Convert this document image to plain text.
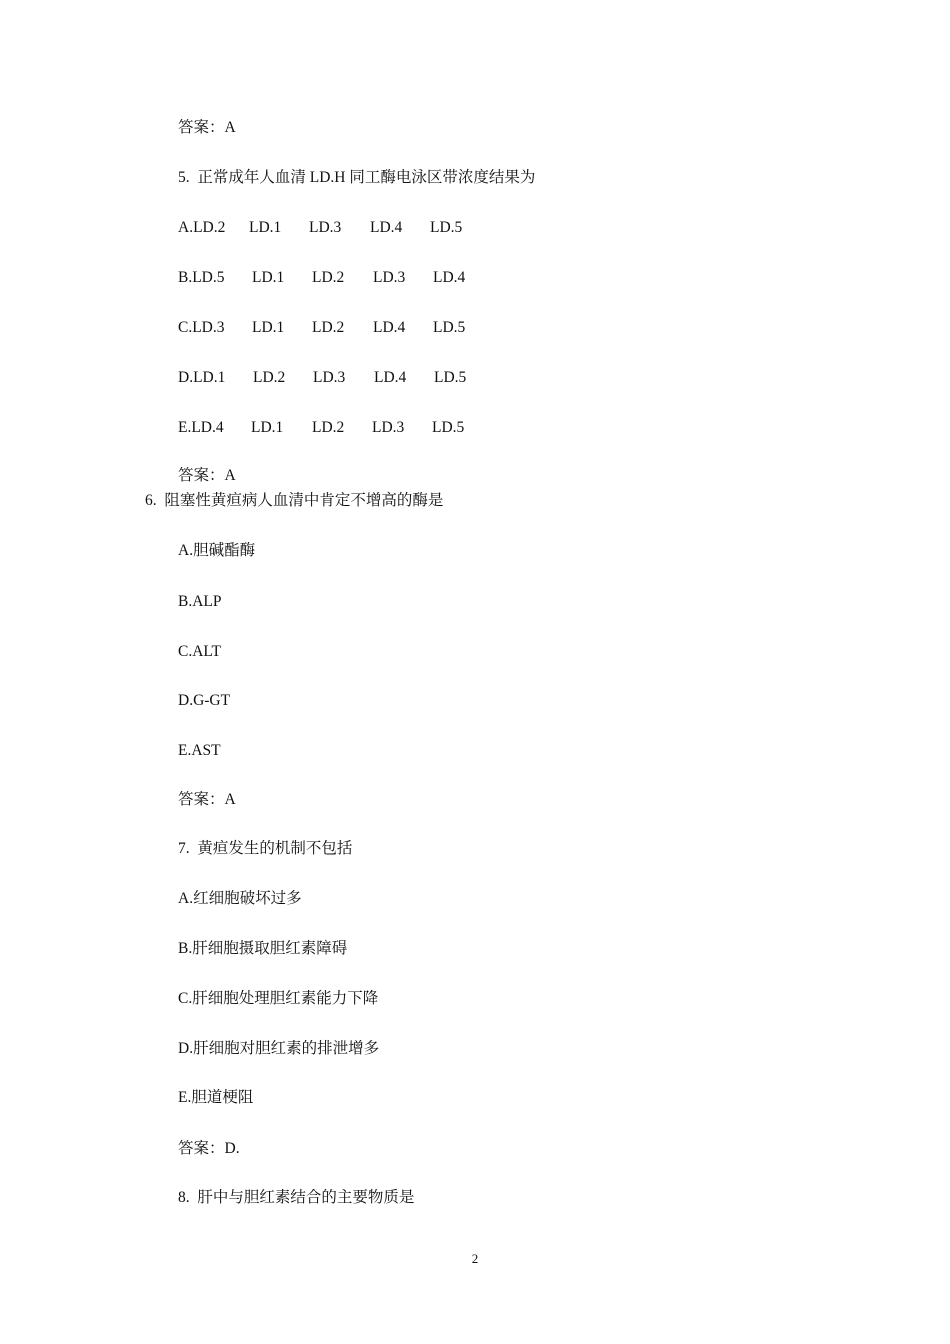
答案：A
5.  正常成年人血清 LD.H 同工酶电泳区带浓度结果为
A.LD.2 LD.1 LD.3 LD.4 LD.5
B.LD.5 LD.1 LD.2 LD.3 LD.4
C.LD.3 LD.1 LD.2 LD.4 LD.5
D.LD.1 LD.2 LD.3 LD.4 LD.5
E.LD.4 LD.1 LD.2 LD.3 LD.5
答案：A
6.  阻塞性黄疸病人血清中肯定不增高的酶是
A.胆碱酯酶
B.ALP
C.ALT
D.G-GT
E.AST
答案：A
7.  黄疸发生的机制不包括
A.红细胞破坏过多
B.肝细胞摄取胆红素障碍
C.肝细胞处理胆红素能力下降
D.肝细胞对胆红素的排泄增多
E.胆道梗阻
答案：D.
8.  肝中与胆红素结合的主要物质是
2
